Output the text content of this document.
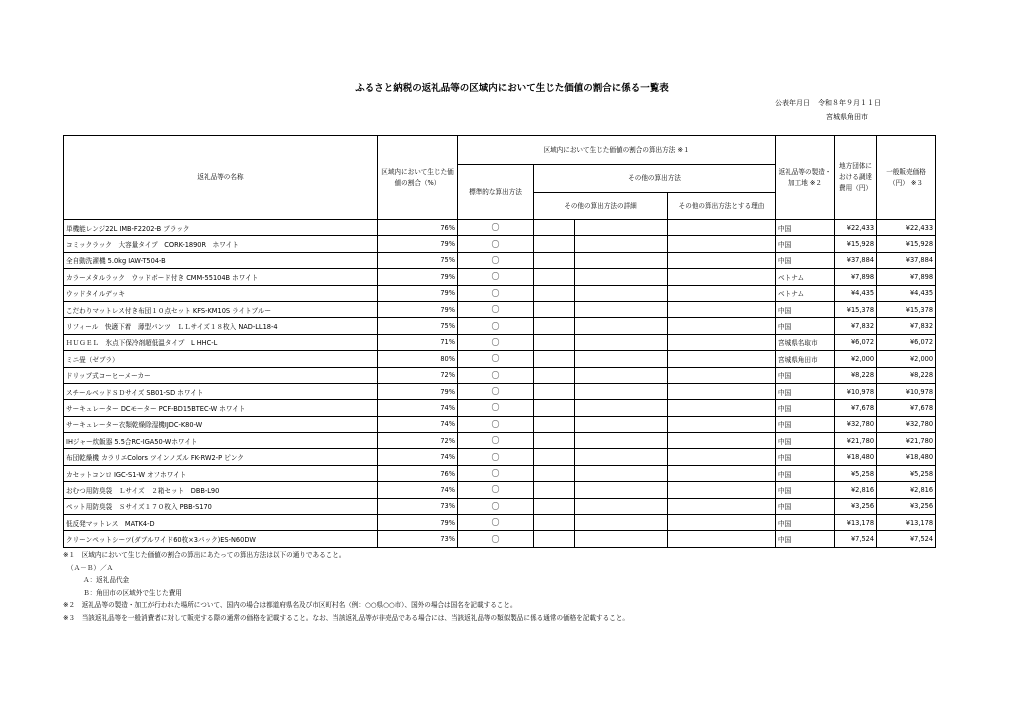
ふるさと納税の返礼品等の区域内において生じた価値の割合に係る一覧表
公表年月日 令和８年９月１１日
宮城県角田市
返礼品等の名称	区域内において生じた価値の割合（%）	区域内において生じた価値の割合の算出方法 ※１				返礼品等の製造・加工地 ※２	地方団体における調達費用（円）	一般販売価格（円） ※３
		標準的な算出方法	その他の算出方法					
			その他の算出方法の詳細		その他の算出方法とする理由			
単機能レンジ22L IMB-F2202-B ブラック	76%	〇				中国	¥22,433	¥22,433
コミックラック　大容量タイプ　CORK-1890R　ホワイト	79%	〇				中国	¥15,928	¥15,928
全自動洗濯機 5.0kg IAW-T504-B	75%	〇				中国	¥37,884	¥37,884
カラーメタルラック　ウッドボード付き CMM-55104B ホワイト	79%	〇				ベトナム	¥7,898	¥7,898
ウッドタイルデッキ	79%	〇				ベトナム	¥4,435	¥4,435
こだわりマットレス付き布団１０点セット KFS-KM10S ライトブルー	79%	〇				中国	¥15,378	¥15,378
リフィール　快適下着　薄型パンツ　ＬＬサイズ１８枚入 NAD-LL18-4	75%	〇				中国	¥7,832	¥7,832
ＨＵＧＥＬ　氷点下保冷剤超低温タイプ　L HHC-L	71%	〇				宮城県名取市	¥6,072	¥6,072
ミニ畳（ゼブラ）	80%	〇				宮城県角田市	¥2,000	¥2,000
ドリップ式コーヒーメーカー	72%	〇				中国	¥8,228	¥8,228
スチールベッドＳＤサイズ SB01-SD ホワイト	79%	〇				中国	¥10,978	¥10,978
サーキュレーター DCモーター PCF-BD15BTEC-W ホワイト	74%	〇				中国	¥7,678	¥7,678
サーキュレーター衣類乾燥除湿機IJDC-K80-W	74%	〇				中国	¥32,780	¥32,780
IHジャー炊飯器 5.5合RC-IGA50-Wホワイト	72%	〇				中国	¥21,780	¥21,780
布団乾燥機 カラリエColors ツインノズル FK-RW2-P ピンク	74%	〇				中国	¥18,480	¥18,480
カセットコンロ IGC-S1-W オフホワイト	76%	〇				中国	¥5,258	¥5,258
おむつ用防臭袋　Ｌサイズ　２箱セット　DBB-L90	74%	〇				中国	¥2,816	¥2,816
ペット用防臭袋　Ｓサイズ１７０枚入 PBB-S170	73%	〇				中国	¥3,256	¥3,256
低反発マットレス　MATK4-D	79%	〇				中国	¥13,178	¥13,178
クリーンペットシーツ(ダブルワイド60枚×3パック)ES-N60DW	73%	〇				中国	¥7,524	¥7,524
※１　区域内において生じた価値の割合の算出にあたっての算出方法は以下の通りであること。
（Ａ－Ｂ）／Ａ
Ａ：返礼品代金
Ｂ：角田市の区域外で生じた費用
※２　返礼品等の製造・加工が行われた場所について、国内の場合は都道府県名及び市区町村名（例：○○県○○市）、国外の場合は国名を記載すること。
※３　当該返礼品等を一般消費者に対して販売する際の通常の価格を記載すること。なお、当該返礼品等が非売品である場合には、当該返礼品等の類似製品に係る通常の価格を記載すること。
